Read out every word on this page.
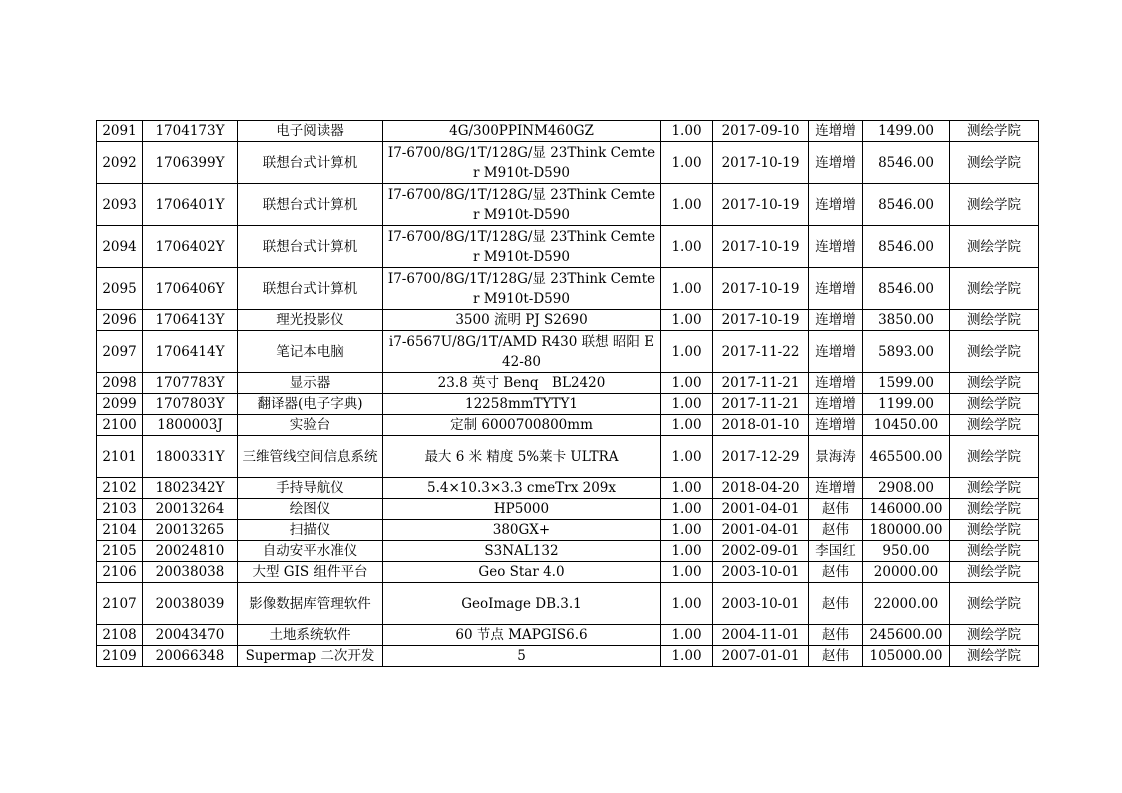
2091	1704173Y	电子阅读器	4G/300PPINM460GZ	1.00	2017-09-10	连增增	1499.00	测绘学院
2092	1706399Y	联想台式计算机	I7-6700/8G/1T/128G/显 23Think Cemter M910t-D590	1.00	2017-10-19	连增增	8546.00	测绘学院
2093	1706401Y	联想台式计算机	I7-6700/8G/1T/128G/显 23Think Cemter M910t-D590	1.00	2017-10-19	连增增	8546.00	测绘学院
2094	1706402Y	联想台式计算机	I7-6700/8G/1T/128G/显 23Think Cemter M910t-D590	1.00	2017-10-19	连增增	8546.00	测绘学院
2095	1706406Y	联想台式计算机	I7-6700/8G/1T/128G/显 23Think Cemter M910t-D590	1.00	2017-10-19	连增增	8546.00	测绘学院
2096	1706413Y	理光投影仪	3500 流明 PJ S2690	1.00	2017-10-19	连增增	3850.00	测绘学院
2097	1706414Y	笔记本电脑	i7-6567U/8G/1T/AMD R430 联想 昭阳 E42-80	1.00	2017-11-22	连增增	5893.00	测绘学院
2098	1707783Y	显示器	23.8 英寸 Benq　BL2420	1.00	2017-11-21	连增增	1599.00	测绘学院
2099	1707803Y	翻译器(电子字典)	12258mmTYTY1	1.00	2017-11-21	连增增	1199.00	测绘学院
2100	1800003J	实验台	定制 6000700800mm	1.00	2018-01-10	连增增	10450.00	测绘学院
2101	1800331Y	三维管线空间信息系统	最大 6 米 精度 5%莱卡 ULTRA	1.00	2017-12-29	景海涛	465500.00	测绘学院
2102	1802342Y	手持导航仪	5.4×10.3×3.3 cmeTrx 209x	1.00	2018-04-20	连增增	2908.00	测绘学院
2103	20013264	绘图仪	HP5000	1.00	2001-04-01	赵伟	146000.00	测绘学院
2104	20013265	扫描仪	380GX+	1.00	2001-04-01	赵伟	180000.00	测绘学院
2105	20024810	自动安平水准仪	S3NAL132	1.00	2002-09-01	李国红	950.00	测绘学院
2106	20038038	大型 GIS 组件平台	Geo Star 4.0	1.00	2003-10-01	赵伟	20000.00	测绘学院
2107	20038039	影像数据库管理软件	GeoImage DB.3.1	1.00	2003-10-01	赵伟	22000.00	测绘学院
2108	20043470	土地系统软件	60 节点 MAPGIS6.6	1.00	2004-11-01	赵伟	245600.00	测绘学院
2109	20066348	Supermap 二次开发	5	1.00	2007-01-01	赵伟	105000.00	测绘学院
